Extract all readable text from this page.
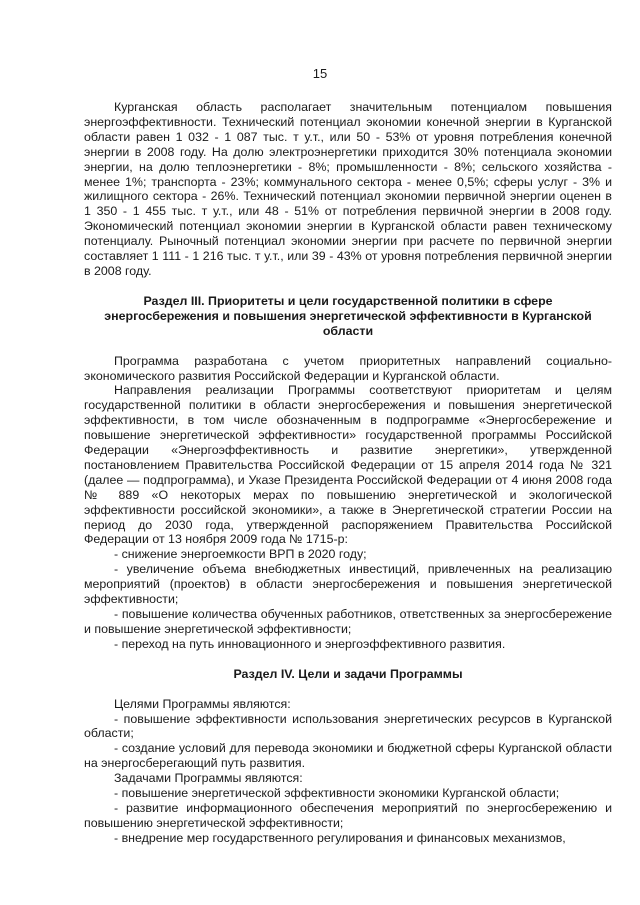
15

Курганская область располагает значительным потенциалом повышения энергоэффективности. Технический потенциал экономии конечной энергии в Курганской области равен 1 032 - 1 087 тыс. т у.т., или 50 - 53% от уровня потребления конечной энергии в 2008 году. На долю электроэнергетики приходится 30% потенциала экономии энергии, на долю теплоэнергетики - 8%; промышленности - 8%; сельского хозяйства - менее 1%; транспорта - 23%; коммунального сектора - менее 0,5%; сферы услуг - 3% и жилищного сектора - 26%. Технический потенциал экономии первичной энергии оценен в 1 350 - 1 455 тыс. т у.т., или 48 - 51% от потребления первичной энергии в 2008 году. Экономический потенциал экономии энергии в Курганской области равен техническому потенциалу. Рыночный потенциал экономии энергии при расчете по первичной энергии составляет 1 111 - 1 216 тыс. т у.т., или 39 - 43% от уровня потребления первичной энергии в 2008 году.

Раздел III. Приоритеты и цели государственной политики в сфере

энергосбережения и повышения энергетической эффективности в Курганской

области

Программа разработана с учетом приоритетных направлений социально-экономического развития Российской Федерации и Курганской области.

Направления реализации Программы соответствуют приоритетам и целям государственной политики в области энергосбережения и повышения энергетической эффективности, в том числе обозначенным в подпрограмме «Энергосбережение и повышение энергетической эффективности» государственной программы Российской Федерации «Энергоэффективность и развитие энергетики», утвержденной постановлением Правительства Российской Федерации от 15 апреля 2014 года № 321 (далее — подпрограмма), и Указе Президента Российской Федерации от 4 июня 2008 года № 889 «О некоторых мерах по повышению энергетической и экологической эффективности российской экономики», а также в Энергетической стратегии России на период до 2030 года, утвержденной распоряжением Правительства Российской Федерации от 13 ноября 2009 года № 1715-р:

- снижение энергоемкости ВРП в 2020 году;

- увеличение объема внебюджетных инвестиций, привлеченных на реализацию мероприятий (проектов) в области энергосбережения и повышения энергетической эффективности;

- повышение количества обученных работников, ответственных за энергосбережение и повышение энергетической эффективности;

- переход на путь инновационного и энергоэффективного развития.

Раздел IV. Цели и задачи Программы

Целями Программы являются:

- повышение эффективности использования энергетических ресурсов в Курганской области;

- создание условий для перевода экономики и бюджетной сферы Курганской области на энергосберегающий путь развития.

Задачами Программы являются:

- повышение энергетической эффективности экономики Курганской области;

- развитие информационного обеспечения мероприятий по энергосбережению и повышению энергетической эффективности;

- внедрение мер государственного регулирования и финансовых механизмов,
